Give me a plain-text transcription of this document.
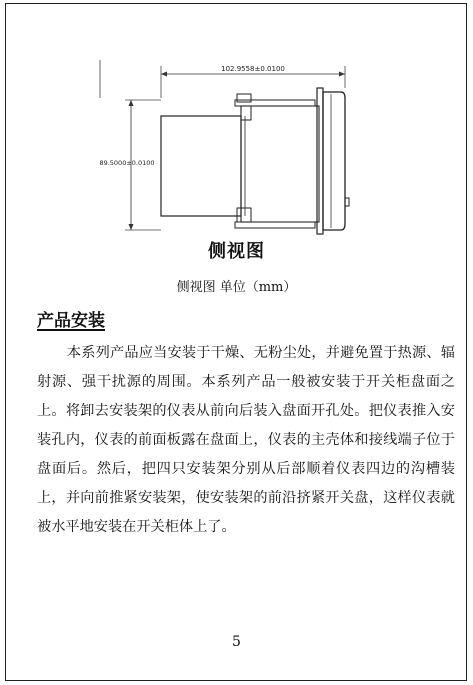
102.9558±0.0100
89.5000±0.0100
侧视图
侧视图 单位（mm）
产品安装

本系列产品应当安装于干燥、无粉尘处，并避免置于热源、辐射源、强干扰源的周围。本系列产品一般被安装于开关柜盘面之上。将卸去安装架的仪表从前向后装入盘面开孔处。把仪表推入安装孔内，仪表的前面板露在盘面上，仪表的主壳体和接线端子位于盘面后。然后，把四只安装架分别从后部顺着仪表四边的沟槽装上，并向前推紧安装架，使安装架的前沿挤紧开关盘，这样仪表就被水平地安装在开关柜体上了。

5
